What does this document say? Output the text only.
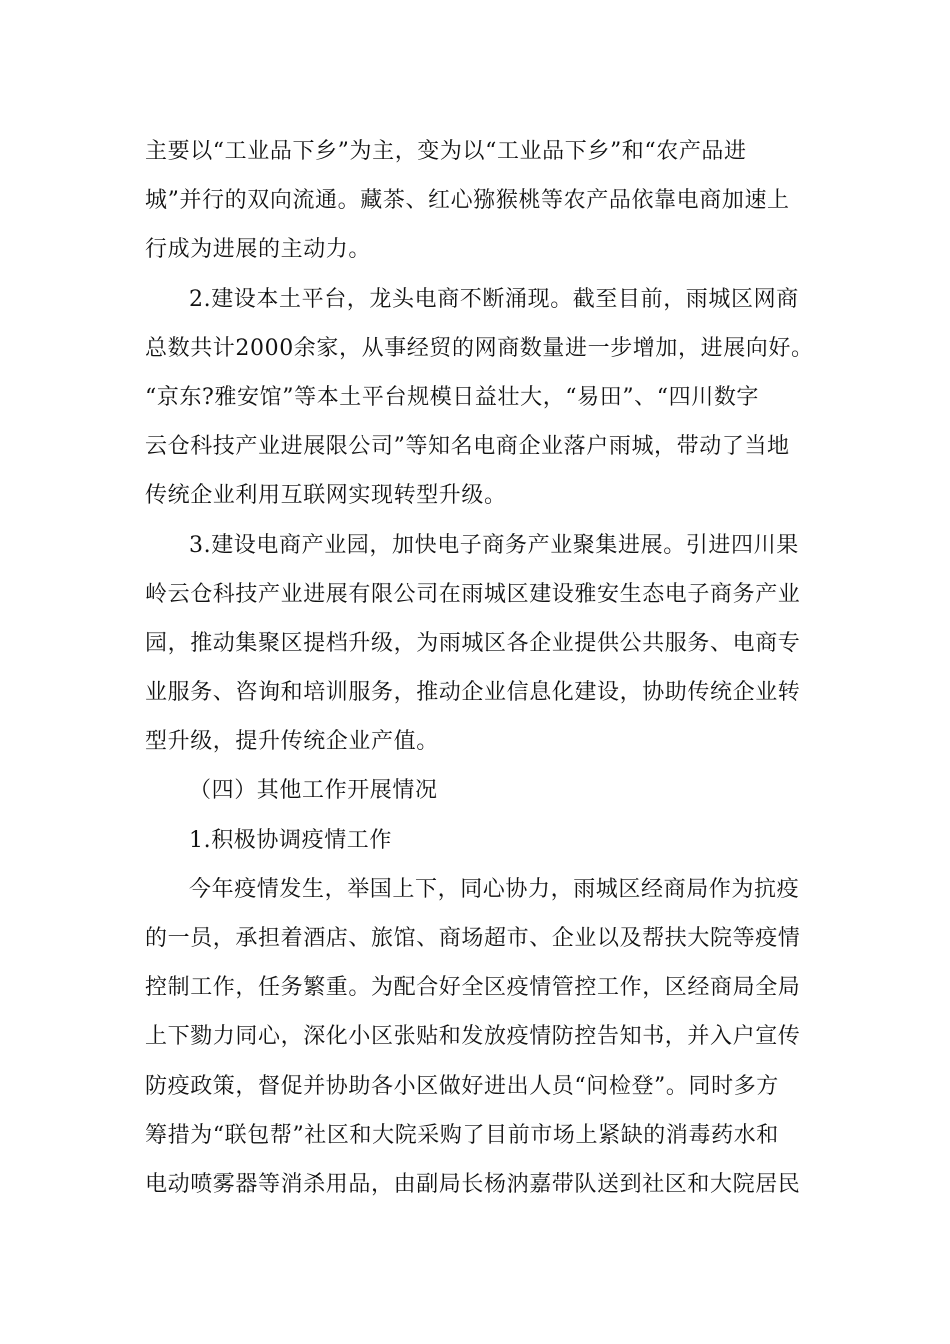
主要以“工业品下乡”为主，变为以“工业品下乡”和“农产品进
城”并行的双向流通。藏茶、红心猕猴桃等农产品依靠电商加速上
行成为进展的主动力。
2.建设本土平台，龙头电商不断涌现。截至目前，雨城区网商
总数共计2000余家，从事经贸的网商数量进一步增加，进展向好。
“京东?雅安馆”等本土平台规模日益壮大，“易田”、“四川数字
云仓科技产业进展限公司”等知名电商企业落户雨城，带动了当地
传统企业利用互联网实现转型升级。
3.建设电商产业园，加快电子商务产业聚集进展。引进四川果
岭云仓科技产业进展有限公司在雨城区建设雅安生态电子商务产业
园，推动集聚区提档升级，为雨城区各企业提供公共服务、电商专
业服务、咨询和培训服务，推动企业信息化建设，协助传统企业转
型升级，提升传统企业产值。
（四）其他工作开展情况
1.积极协调疫情工作
今年疫情发生，举国上下，同心协力，雨城区经商局作为抗疫
的一员，承担着酒店、旅馆、商场超市、企业以及帮扶大院等疫情
控制工作，任务繁重。为配合好全区疫情管控工作，区经商局全局
上下勠力同心，深化小区张贴和发放疫情防控告知书，并入户宣传
防疫政策，督促并协助各小区做好进出人员“问检登”。同时多方
筹措为“联包帮”社区和大院采购了目前市场上紧缺的消毒药水和
电动喷雾器等消杀用品，由副局长杨汭嘉带队送到社区和大院居民
